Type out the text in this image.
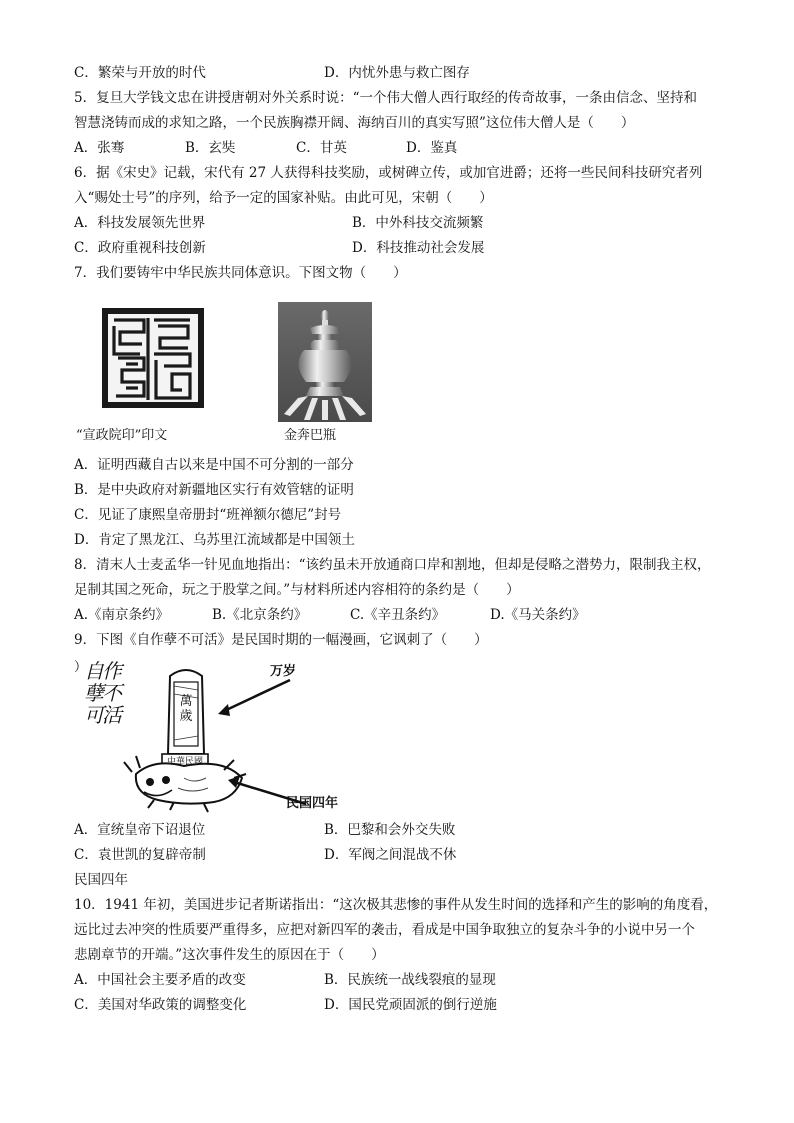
C．繁荣与开放的时代	D．内忧外患与救亡图存
5．复旦大学钱文忠在讲授唐朝对外关系时说：“一个伟大僧人西行取经的传奇故事，一条由信念、坚持和
智慧浇铸而成的求知之路，一个民族胸襟开阔、海纳百川的真实写照”这位伟大僧人是（　　）
A．张骞	B．玄奘	C．甘英	D．鉴真
6．据《宋史》记载，宋代有 27 人获得科技奖励，或树碑立传，或加官进爵；还将一些民间科技研究者列
入“赐处士号”的序列，给予一定的国家补贴。由此可见，宋朝（　　）
A．科技发展领先世界	B．中外科技交流频繁
C．政府重视科技创新	D．科技推动社会发展
7．我们要铸牢中华民族共同体意识。下图文物（　　）
“宣政院印”印文	金奔巴瓶
A．证明西藏自古以来是中国不可分割的一部分
B．是中央政府对新疆地区实行有效管辖的证明
C．见证了康熙皇帝册封“班禅额尔德尼”封号
D．肯定了黑龙江、乌苏里江流域都是中国领土
8．清末人士麦孟华一针见血地指出：“该约虽未开放通商口岸和割地，但却是侵略之潜势力，限制我主权，
足制其国之死命，玩之于股掌之间。”与材料所述内容相符的条约是（　　）
A.《南京条约》	B.《北京条约》	C.《辛丑条约》	D.《马关条约》
9．下图《自作孽不可活》是民国时期的一幅漫画，它讽刺了（　　）
）
自作孽不可活
萬歲
中華民國
万岁
民国四年
A．宣统皇帝下诏退位	B．巴黎和会外交失败
C．袁世凯的复辟帝制	D．军阀之间混战不休
民国四年
10．1941 年初，美国进步记者斯诺指出：“这次极其悲惨的事件从发生时间的选择和产生的影响的角度看，
远比过去冲突的性质要严重得多，应把对新四军的袭击，看成是中国争取独立的复杂斗争的小说中另一个
悲剧章节的开端。”这次事件发生的原因在于（　　）
A．中国社会主要矛盾的改变	B．民族统一战线裂痕的显现
C．美国对华政策的调整变化	D．国民党顽固派的倒行逆施
